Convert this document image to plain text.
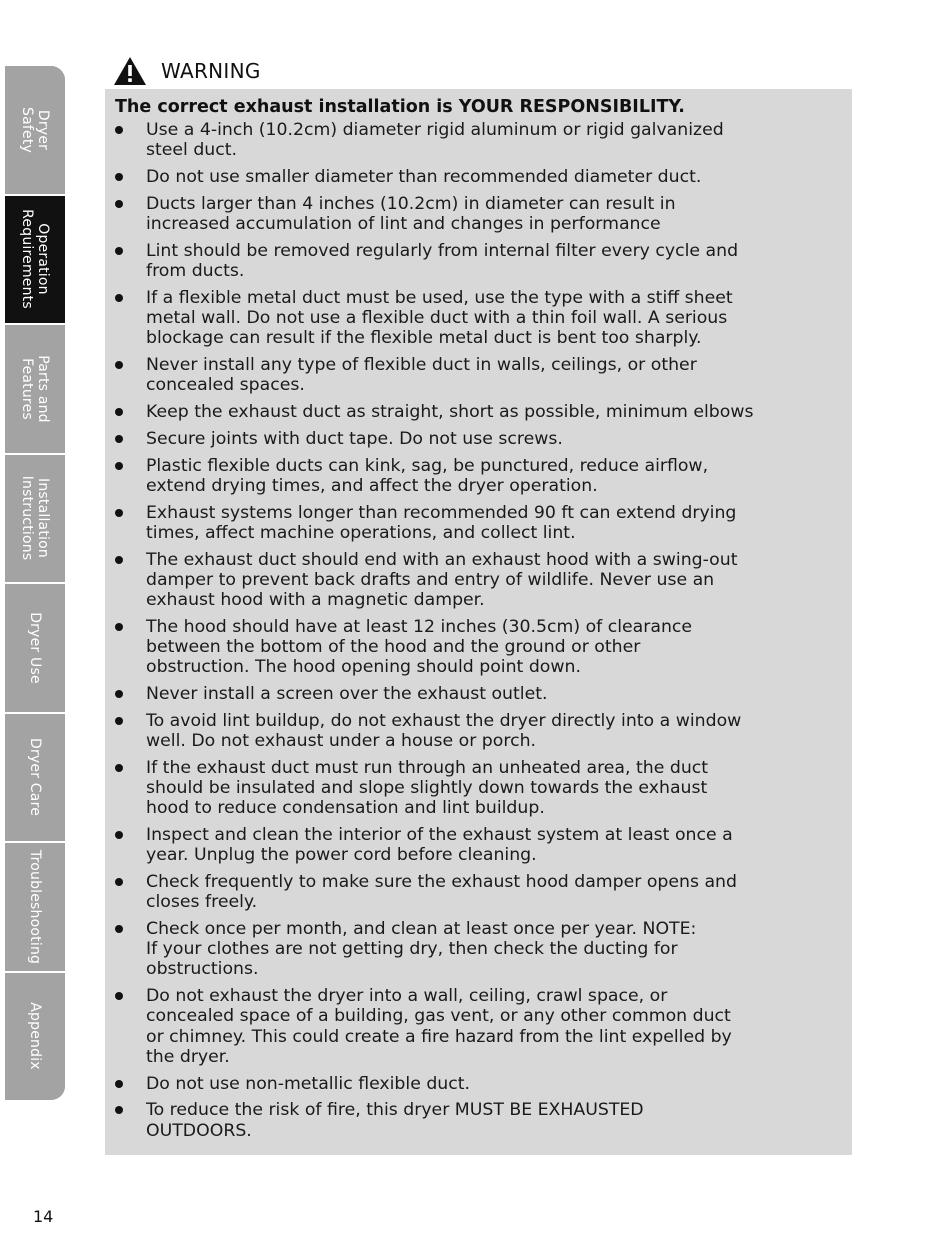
Dryer
Safety
Operation
Requirements
Parts and
Features
Installation
Instructions
Dryer Use
Dryer Care
Troubleshooting
Appendix
WARNING
The correct exhaust installation is YOUR RESPONSIBILITY.
Use a 4-inch (10.2cm) diameter rigid aluminum or rigid galvanized
steel duct.
Do not use smaller diameter than recommended diameter duct.
Ducts larger than 4 inches (10.2cm) in diameter can result in
increased accumulation of lint and changes in performance
Lint should be removed regularly from internal filter every cycle and
from ducts.
If a flexible metal duct must be used, use the type with a stiff sheet
metal wall. Do not use a flexible duct with a thin foil wall. A serious
blockage can result if the flexible metal duct is bent too sharply.
Never install any type of flexible duct in walls, ceilings, or other
concealed spaces.
Keep the exhaust duct as straight, short as possible, minimum elbows
Secure joints with duct tape. Do not use screws.
Plastic flexible ducts can kink, sag, be punctured, reduce airflow,
extend drying times, and affect the dryer operation.
Exhaust systems longer than recommended 90 ft can extend drying
times, affect machine operations, and collect lint.
The exhaust duct should end with an exhaust hood with a swing-out
damper to prevent back drafts and entry of wildlife. Never use an
exhaust hood with a magnetic damper.
The hood should have at least 12 inches (30.5cm) of clearance
between the bottom of the hood and the ground or other
obstruction. The hood opening should point down.
Never install a screen over the exhaust outlet.
To avoid lint buildup, do not exhaust the dryer directly into a window
well. Do not exhaust under a house or porch.
If the exhaust duct must run through an unheated area, the duct
should be insulated and slope slightly down towards the exhaust
hood to reduce condensation and lint buildup.
Inspect and clean the interior of the exhaust system at least once a
year. Unplug the power cord before cleaning.
Check frequently to make sure the exhaust hood damper opens and
closes freely.
Check once per month, and clean at least once per year. NOTE:
If your clothes are not getting dry, then check the ducting for
obstructions.
Do not exhaust the dryer into a wall, ceiling, crawl space, or
concealed space of a building, gas vent, or any other common duct
or chimney. This could create a fire hazard from the lint expelled by
the dryer.
Do not use non-metallic flexible duct.
To reduce the risk of fire, this dryer MUST BE EXHAUSTED
OUTDOORS.
14
